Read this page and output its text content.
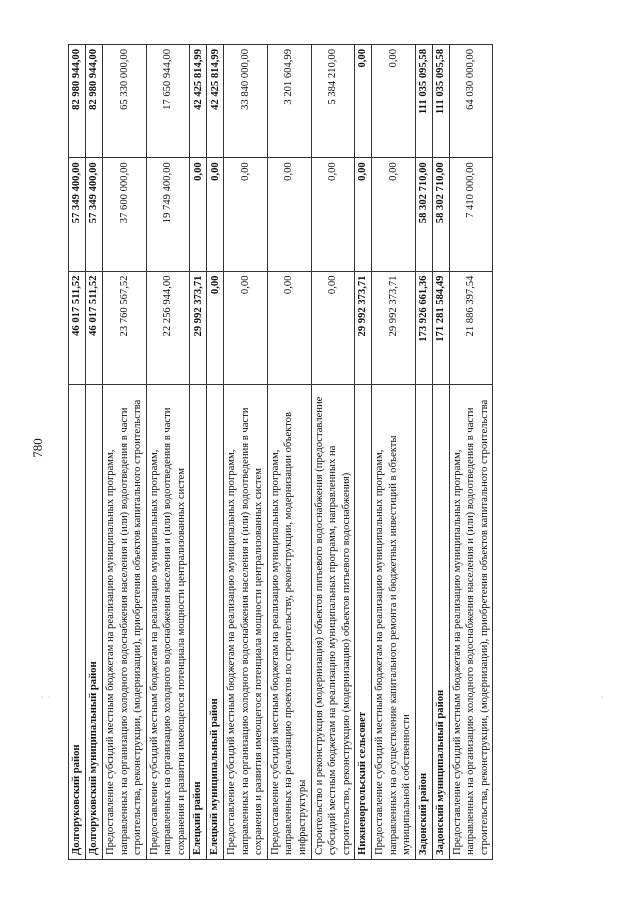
780
· ·	·
Долгоруковский район	46 017 511,52	57 349 400,00	82 980 944,00
Долгоруковский муниципальный район	46 017 511,52	57 349 400,00	82 980 944,00
Предоставление субсидий местным бюджетам на реализацию муниципальных программ, направленных на организацию холодного водоснабжения населения и (или) водоотведения в части строительства, реконструкции, (модернизации), приобретения объектов капитального строительства	23 760 567,52	37 600 000,00	65 330 000,00
Предоставление субсидий местным бюджетам на реализацию муниципальных программ, направленных на организацию холодного водоснабжения населения и (или) водоотведения в части сохранения и развития имеющегося потенциала мощности централизованных систем	22 256 944,00	19 749 400,00	17 650 944,00
Елецкий район	29 992 373,71	0,00	42 425 814,99
Елецкий муниципальный район	0,00	0,00	42 425 814,99
Предоставление субсидий местным бюджетам на реализацию муниципальных программ, направленных на организацию холодного водоснабжения населения и (или) водоотведения в части сохранения и развития имеющегося потенциала мощности централизованных систем	0,00	0,00	33 840 000,00
Предоставление субсидий местным бюджетам на реализацию муниципальных программ, направленных на реализацию проектов по строительству, реконструкции, модернизации объектов инфраструктуры	0,00	0,00	3 201 604,99
Строительство и реконструкция (модернизация) объектов питьевого водоснабжения (предоставление субсидий местным бюджетам на реализацию муниципальных программ, направленных на строительство, реконструкцию (модернизацию) объектов питьевого водоснабжения)	0,00	0,00	5 384 210,00
Нижневоргольский сельсовет	29 992 373,71	0,00	0,00
Предоставление субсидий местным бюджетам на реализацию муниципальных программ, направленных на осуществление капитального ремонта и бюджетных инвестиций в объекты муниципальной собственности	29 992 373,71	0,00	0,00
Задонский район	173 926 661,36	58 302 710,00	111 035 095,58
Задонский муниципальный район	171 281 584,49	58 302 710,00	111 035 095,58
Предоставление субсидий местным бюджетам на реализацию муниципальных программ, направленных на организацию холодного водоснабжения населения и (или) водоотведения в части строительства, реконструкции, (модернизации), приобретения объектов капитального строительства	21 886 397,54	7 410 000,00	64 030 000,00
